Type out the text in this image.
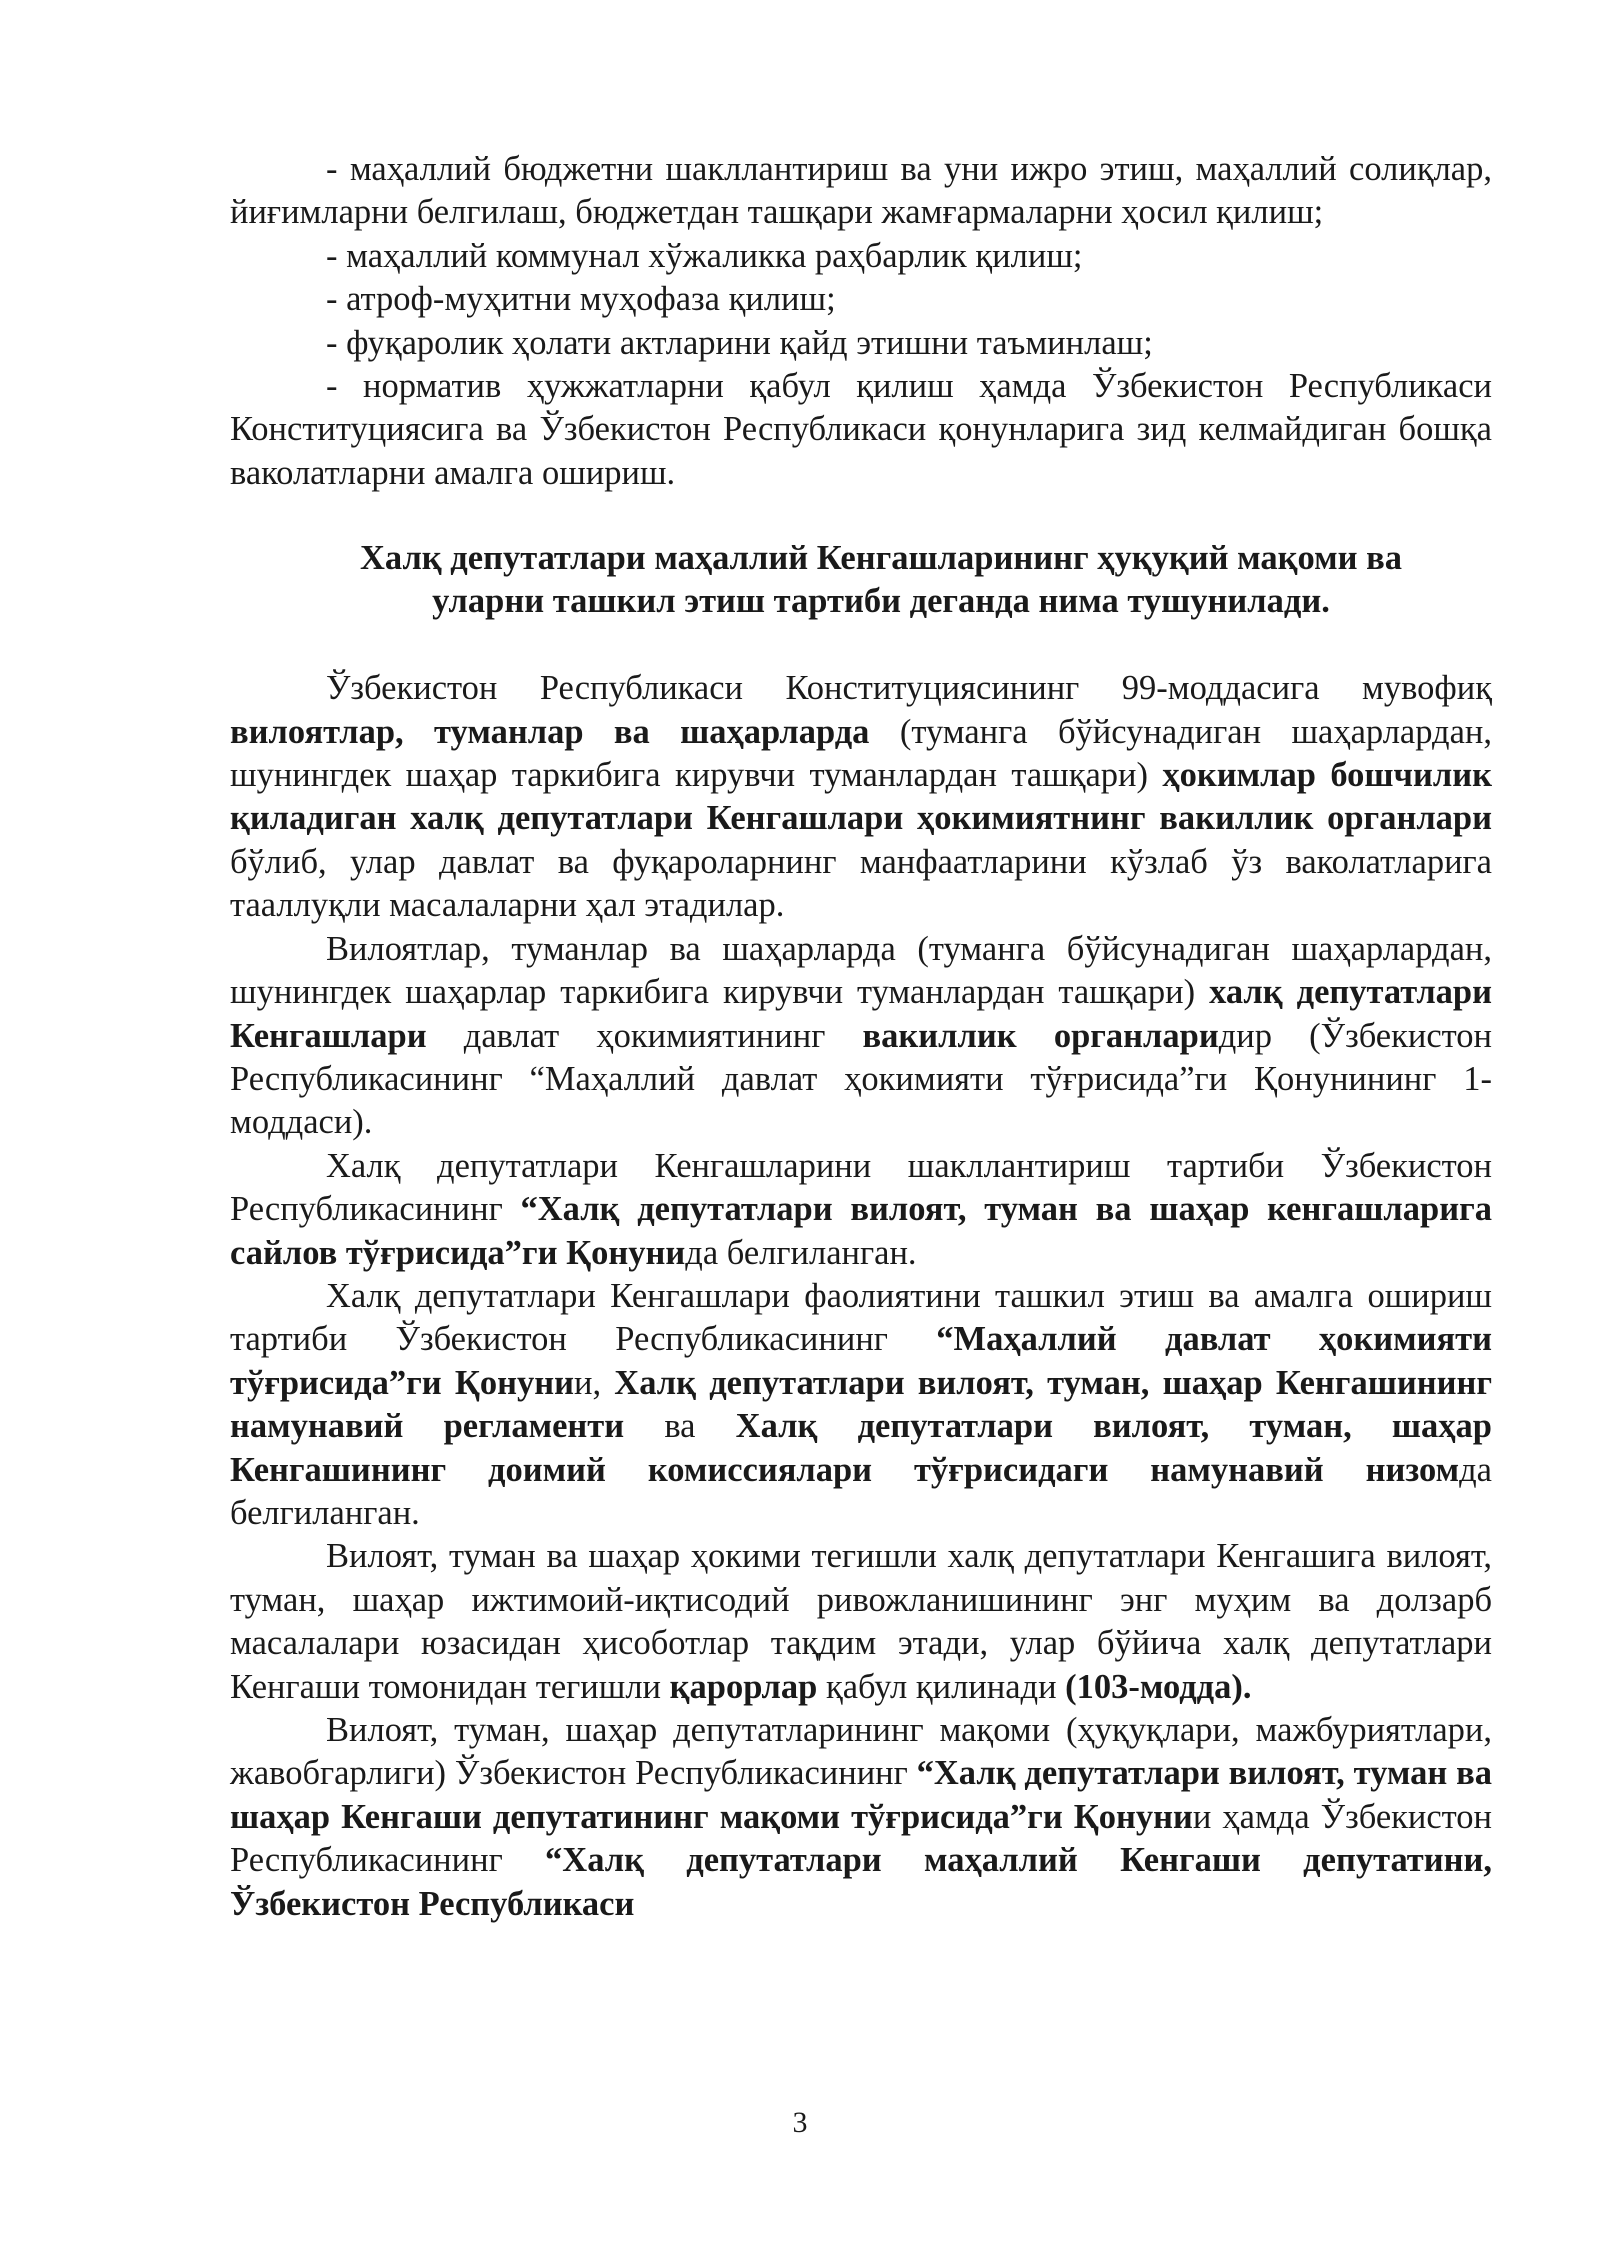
- маҳаллий бюджетни шакллантириш ва уни ижро этиш, маҳаллий солиқлар, йиғимларни белгилаш, бюджетдан ташқари жамғармаларни ҳосил қилиш;

- маҳаллий коммунал хўжаликка раҳбарлик қилиш;

- атроф-муҳитни муҳофаза қилиш;

- фуқаролик ҳолати актларини қайд этишни таъминлаш;

- норматив ҳужжатларни қабул қилиш ҳамда Ўзбекистон Республикаси Конституциясига ва Ўзбекистон Республикаси қонунларига зид келмайдиган бошқа ваколатларни амалга ошириш.

Халқ депутатлари маҳаллий Кенгашларининг ҳуқуқий мақоми ва
уларни ташкил этиш тартиби деганда нима тушунилади.

Ўзбекистон Республикаси Конституциясининг 99-моддасига мувофиқ вилоятлар, туманлар ва шаҳарларда (туманга бўйсунадиган шаҳарлардан, шунингдек шаҳар таркибига кирувчи туманлардан ташқари) ҳокимлар бошчилик қиладиган халқ депутатлари Кенгашлари ҳокимиятнинг вакиллик органлари бўлиб, улар давлат ва фуқароларнинг манфаатларини кўзлаб ўз ваколатларига тааллуқли масалаларни ҳал этадилар.

Вилоятлар, туманлар ва шаҳарларда (туманга бўйсунадиган шаҳарлардан, шунингдек шаҳарлар таркибига кирувчи туманлардан ташқари) халқ депутатлари Кенгашлари давлат ҳокимиятининг вакиллик органларидир (Ўзбекистон Республикасининг “Маҳаллий давлат ҳокимияти тўғрисида”ги Қонунининг 1-моддаси).

Халқ депутатлари Кенгашларини шакллантириш тартиби Ўзбекистон Республикасининг “Халқ депутатлари вилоят, туман ва шаҳар кенгашларига сайлов тўғрисида”ги Қонунида белгиланган.

Халқ депутатлари Кенгашлари фаолиятини ташкил этиш ва амалга ошириш тартиби Ўзбекистон Республикасининг “Маҳаллий давлат ҳокимияти тўғрисида”ги Қонунии, Халқ депутатлари вилоят, туман, шаҳар Кенгашининг намунавий регламенти ва Халқ депутатлари вилоят, туман, шаҳар Кенгашининг доимий комиссиялари тўғрисидаги намунавий низомда белгиланган.

Вилоят, туман ва шаҳар ҳокими тегишли халқ депутатлари Кенгашига вилоят, туман, шаҳар ижтимоий-иқтисодий ривожланишининг энг муҳим ва долзарб масалалари юзасидан ҳисоботлар тақдим этади, улар бўйича халқ депутатлари Кенгаши томонидан тегишли қарорлар қабул қилинади (103-модда).

Вилоят, туман, шаҳар депутатларининг мақоми (ҳуқуқлари, мажбуриятлари, жавобгарлиги) Ўзбекистон Республикасининг “Халқ депутатлари вилоят, туман ва шаҳар Кенгаши депутатининг мақоми тўғрисида”ги Қонунии ҳамда Ўзбекистон Республикасининг “Халқ депутатлари маҳаллий Кенгаши депутатини, Ўзбекистон Республикаси

3
